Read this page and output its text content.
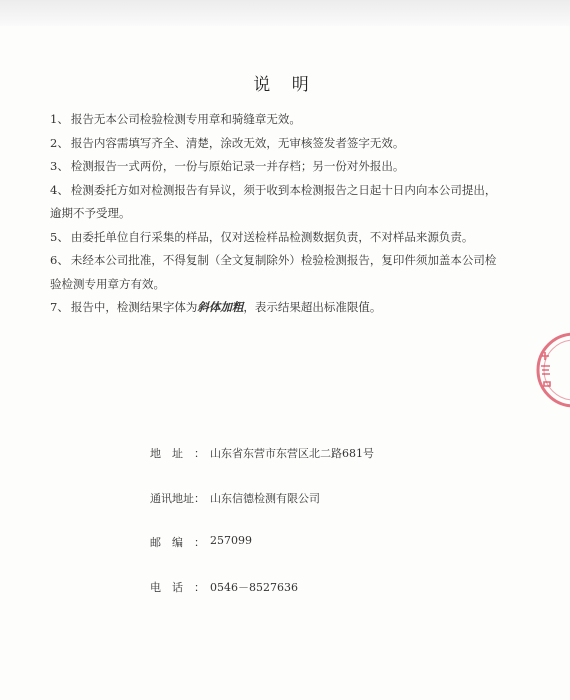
说 明
1、 报告无本公司检验检测专用章和骑缝章无效。
2、 报告内容需填写齐全、清楚，涂改无效，无审核签发者签字无效。
3、 检测报告一式两份，一份与原始记录一并存档；另一份对外报出。
4、 检测委托方如对检测报告有异议，须于收到本检测报告之日起十日内向本公司提出，逾期不予受理。
5、 由委托单位自行采集的样品，仅对送检样品检测数据负责，不对样品来源负责。
6、 未经本公司批准，不得复制（全文复制除外）检验检测报告，复印件须加盖本公司检验检测专用章方有效。
7、 报告中，检测结果字体为斜体加粗，表示结果超出标准限值。
地址： 山东省东营市东营区北二路681号
通讯地址： 山东信德检测有限公司
邮编： 257099
电话： 0546－8527636
